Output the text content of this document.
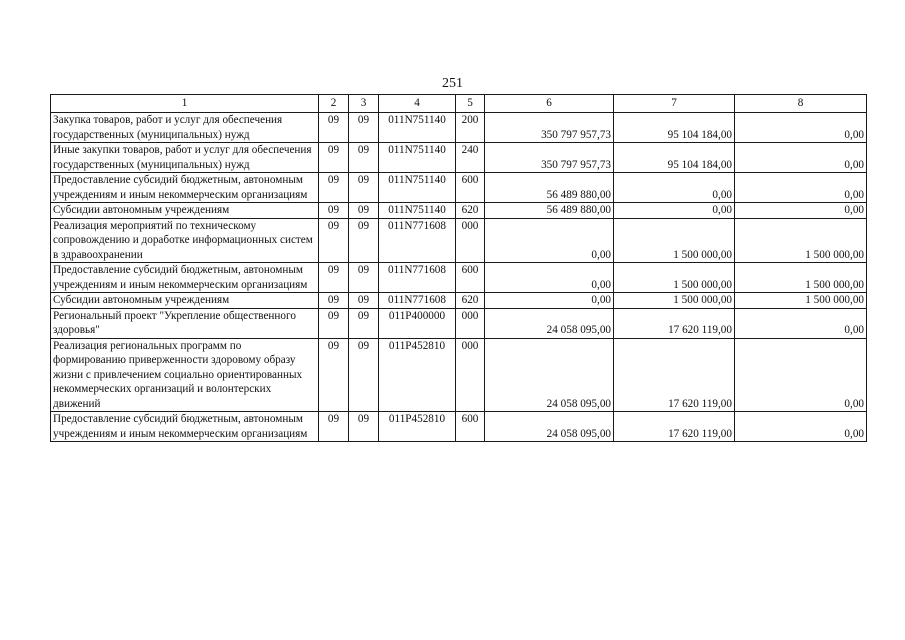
251
1	2	3	4	5	6	7	8
Закупка товаров, работ и услуг для обеспечения государственных (муниципальных) нужд	09	09	011N751140	200	350 797 957,73	95 104 184,00	0,00
Иные закупки товаров, работ и услуг для обеспечения государственных (муниципальных) нужд	09	09	011N751140	240	350 797 957,73	95 104 184,00	0,00
Предоставление субсидий бюджетным, автономным учреждениям и иным некоммерческим организациям	09	09	011N751140	600	56 489 880,00	0,00	0,00
Субсидии автономным учреждениям	09	09	011N751140	620	56 489 880,00	0,00	0,00
Реализация мероприятий по техническому сопровождению и доработке информационных систем в здравоохранении	09	09	011N771608	000	0,00	1 500 000,00	1 500 000,00
Предоставление субсидий бюджетным, автономным учреждениям и иным некоммерческим организациям	09	09	011N771608	600	0,00	1 500 000,00	1 500 000,00
Субсидии автономным учреждениям	09	09	011N771608	620	0,00	1 500 000,00	1 500 000,00
Региональный проект "Укрепление общественного здоровья"	09	09	011P400000	000	24 058 095,00	17 620 119,00	0,00
Реализация региональных программ по формированию приверженности здоровому образу жизни с привлечением социально ориентированных некоммерческих организаций и волонтерских движений	09	09	011P452810	000	24 058 095,00	17 620 119,00	0,00
Предоставление субсидий бюджетным, автономным учреждениям и иным некоммерческим организациям	09	09	011P452810	600	24 058 095,00	17 620 119,00	0,00
